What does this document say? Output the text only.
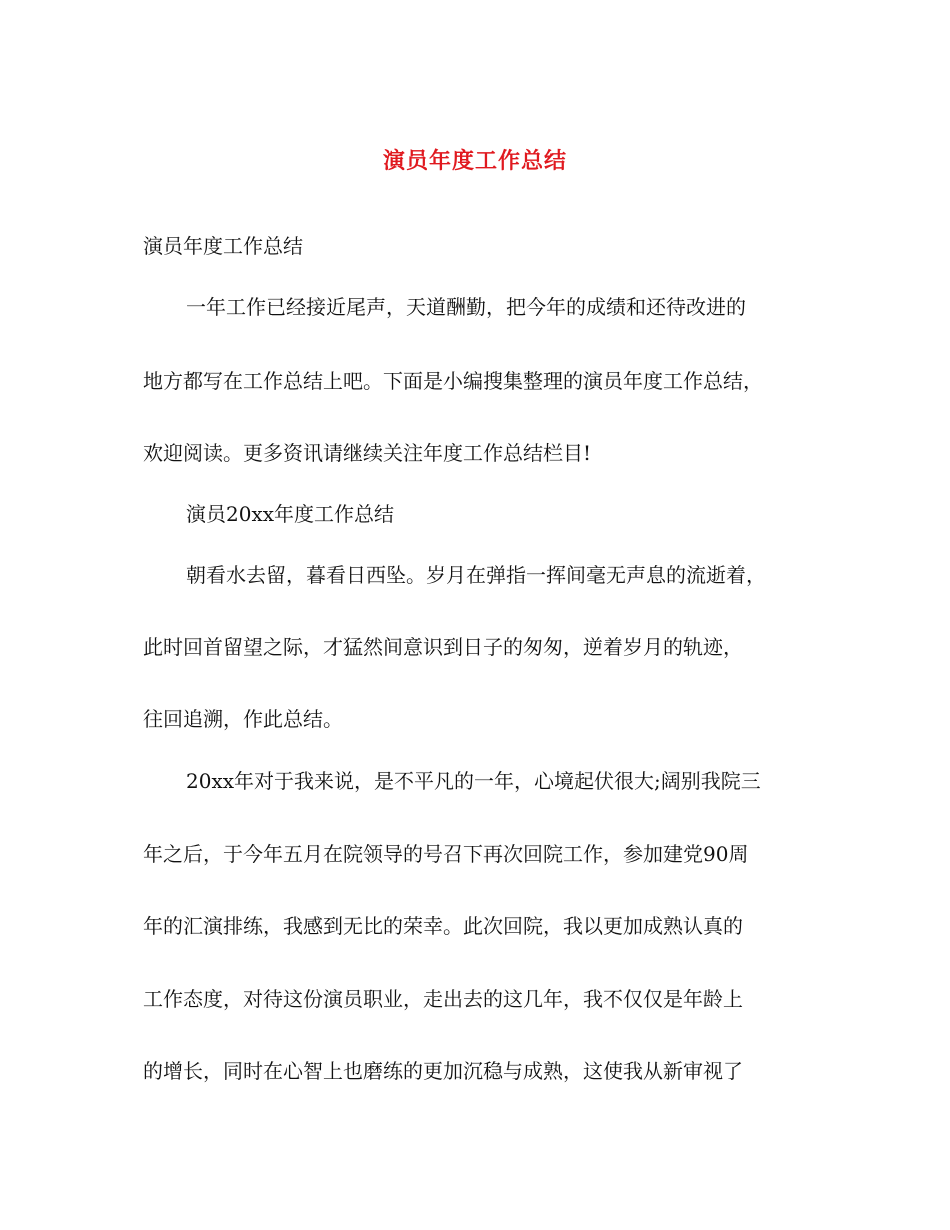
演员年度工作总结
演员年度工作总结
一年工作已经接近尾声，天道酬勤，把今年的成绩和还待改进的
地方都写在工作总结上吧。下面是小编搜集整理的演员年度工作总结，
欢迎阅读。更多资讯请继续关注年度工作总结栏目!
演员20xx年度工作总结
朝看水去留，暮看日西坠。岁月在弹指一挥间毫无声息的流逝着，
此时回首留望之际，才猛然间意识到日子的匆匆，逆着岁月的轨迹，
往回追溯，作此总结。
20xx年对于我来说，是不平凡的一年，心境起伏很大;阔别我院三
年之后，于今年五月在院领导的号召下再次回院工作，参加建党90周
年的汇演排练，我感到无比的荣幸。此次回院，我以更加成熟认真的
工作态度，对待这份演员职业，走出去的这几年，我不仅仅是年龄上
的增长，同时在心智上也磨练的更加沉稳与成熟，这使我从新审视了
